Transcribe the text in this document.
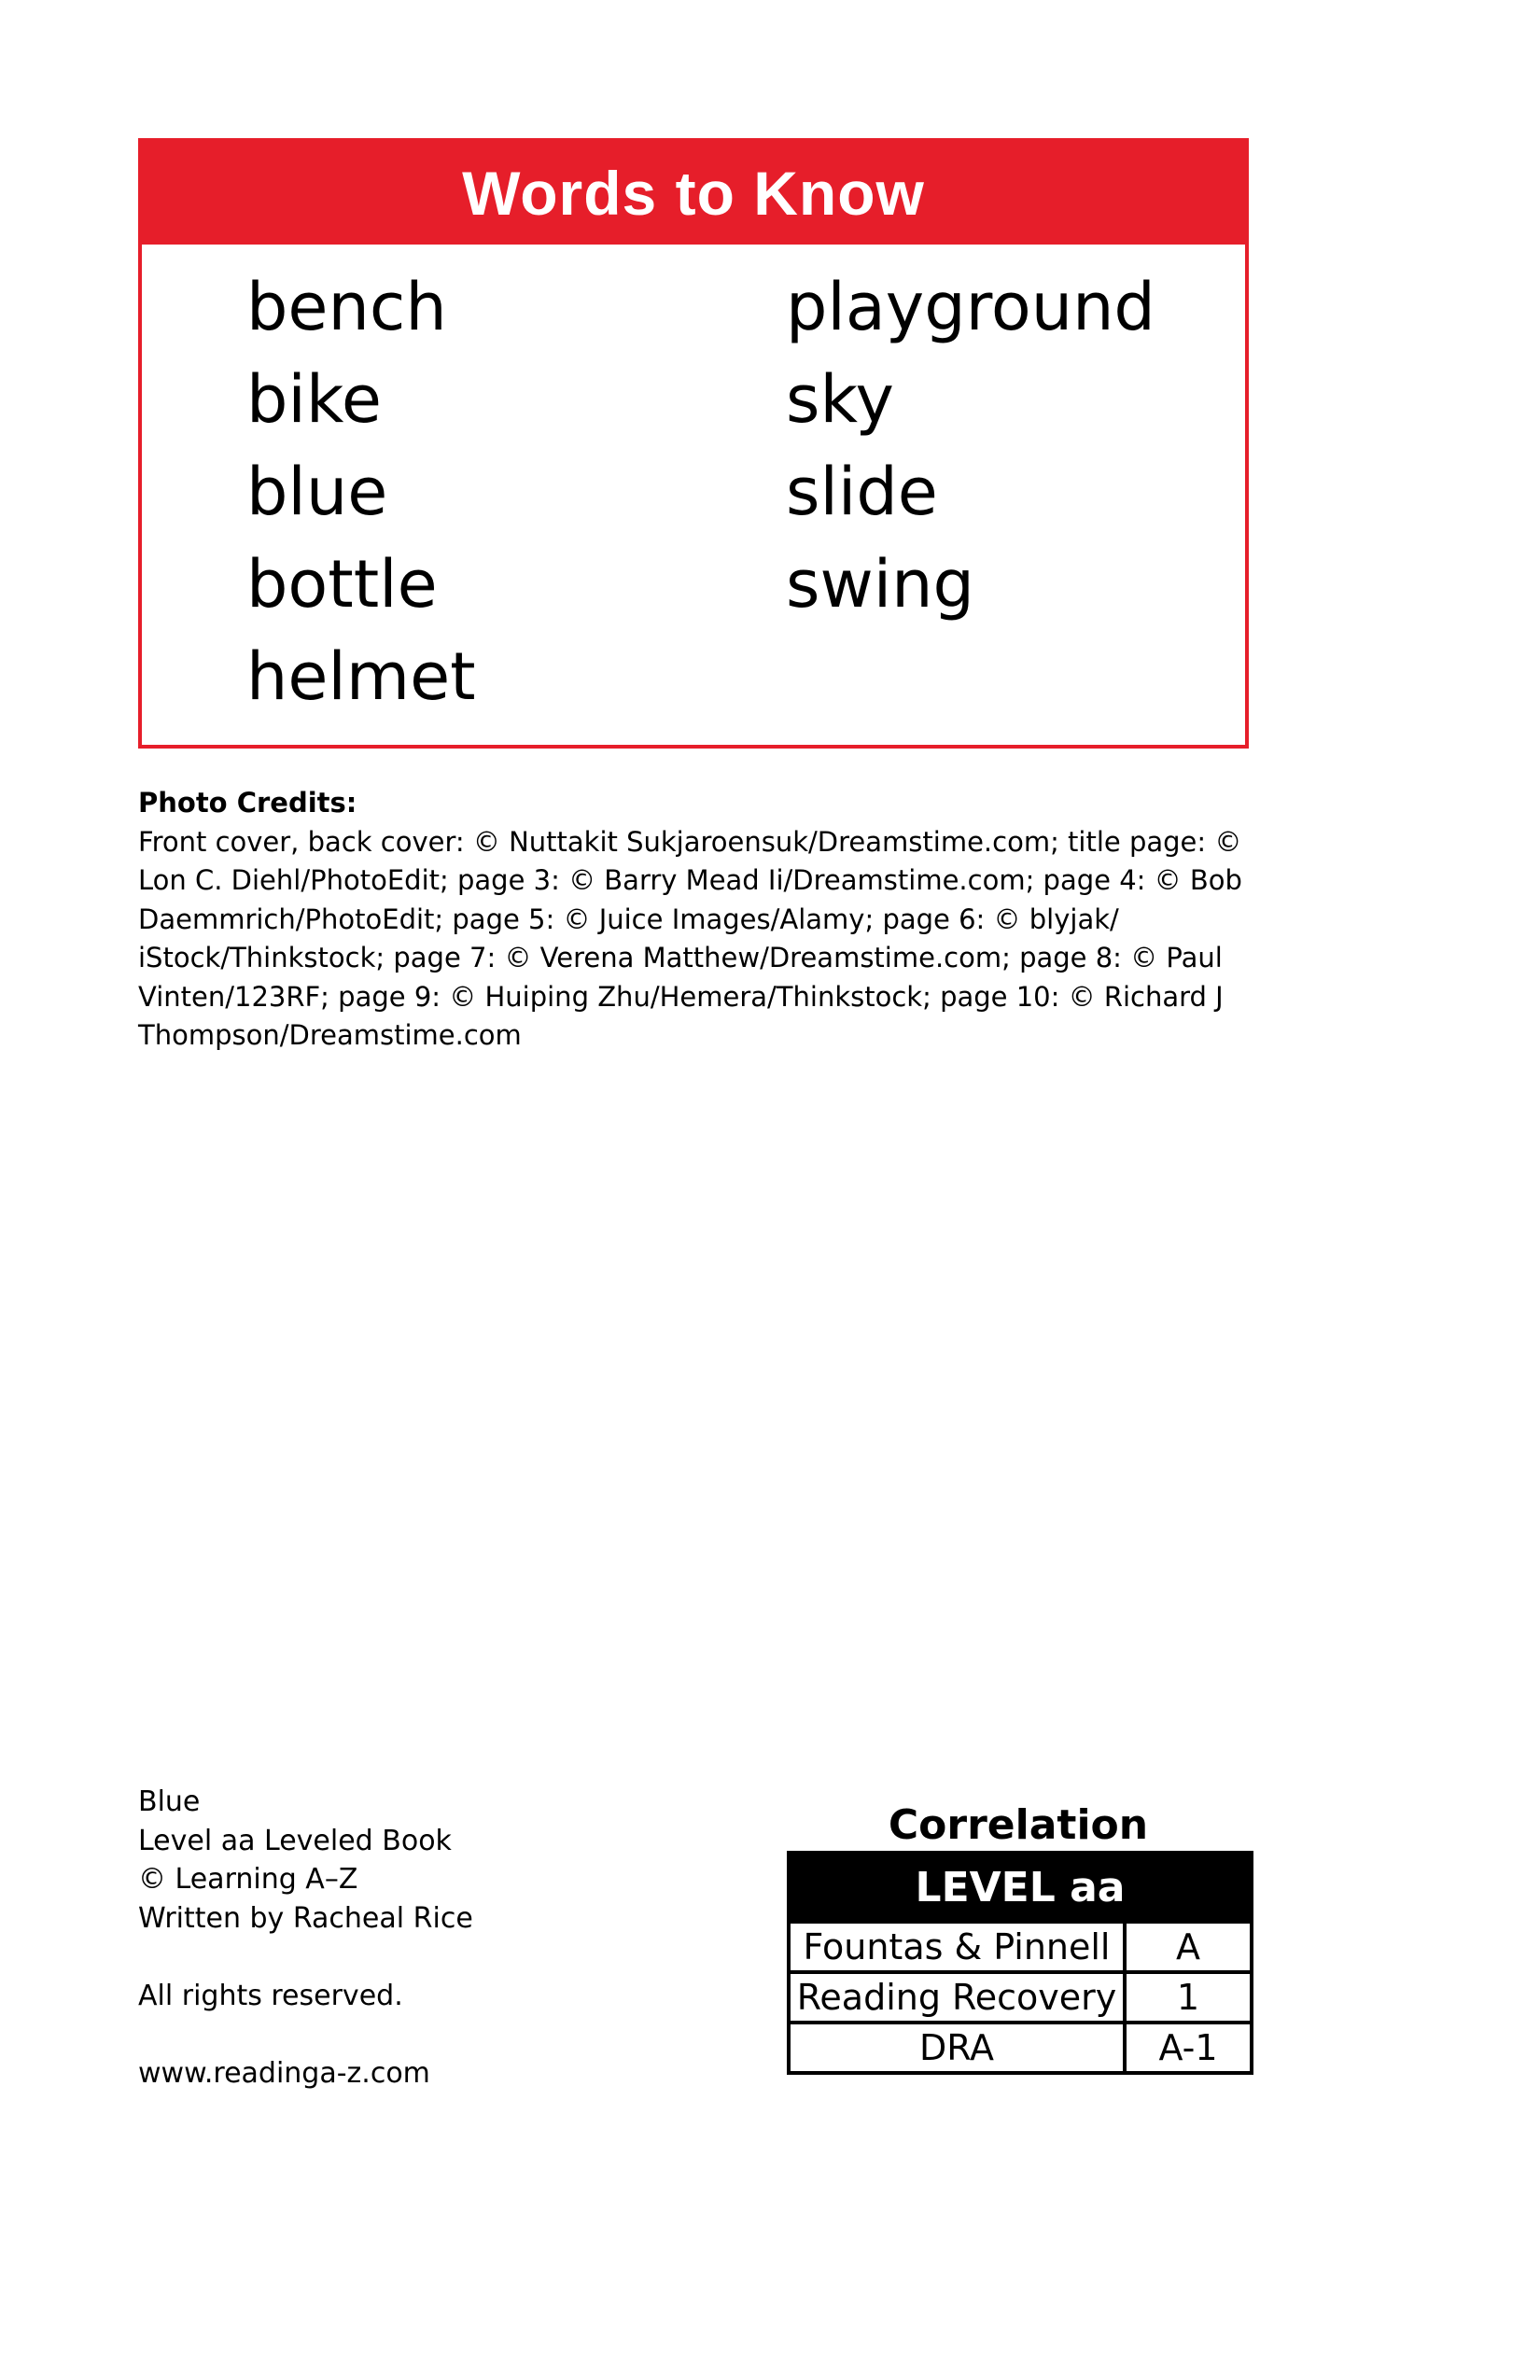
Words to Know
bench
bike
blue
bottle
helmet
playground
sky
slide
swing
Photo Credits:
Front cover, back cover: © Nuttakit Sukjaroensuk/Dreamstime.com; title page: © Lon C. Diehl/PhotoEdit; page 3: © Barry Mead Ii/Dreamstime.com; page 4: © Bob Daemmrich/PhotoEdit; page 5: © Juice Images/Alamy; page 6: © blyjak/ iStock/Thinkstock; page 7: © Verena Matthew/Dreamstime.com; page 8: © Paul Vinten/123RF; page 9: © Huiping Zhu/Hemera/Thinkstock; page 10: © Richard J Thompson/Dreamstime.com
Blue
Level aa Leveled Book
© Learning A–Z
Written by Racheal Rice
All rights reserved.
www.readinga-z.com
Correlation
LEVEL aa	
Fountas & Pinnell	A
Reading Recovery	1
DRA	A-1
